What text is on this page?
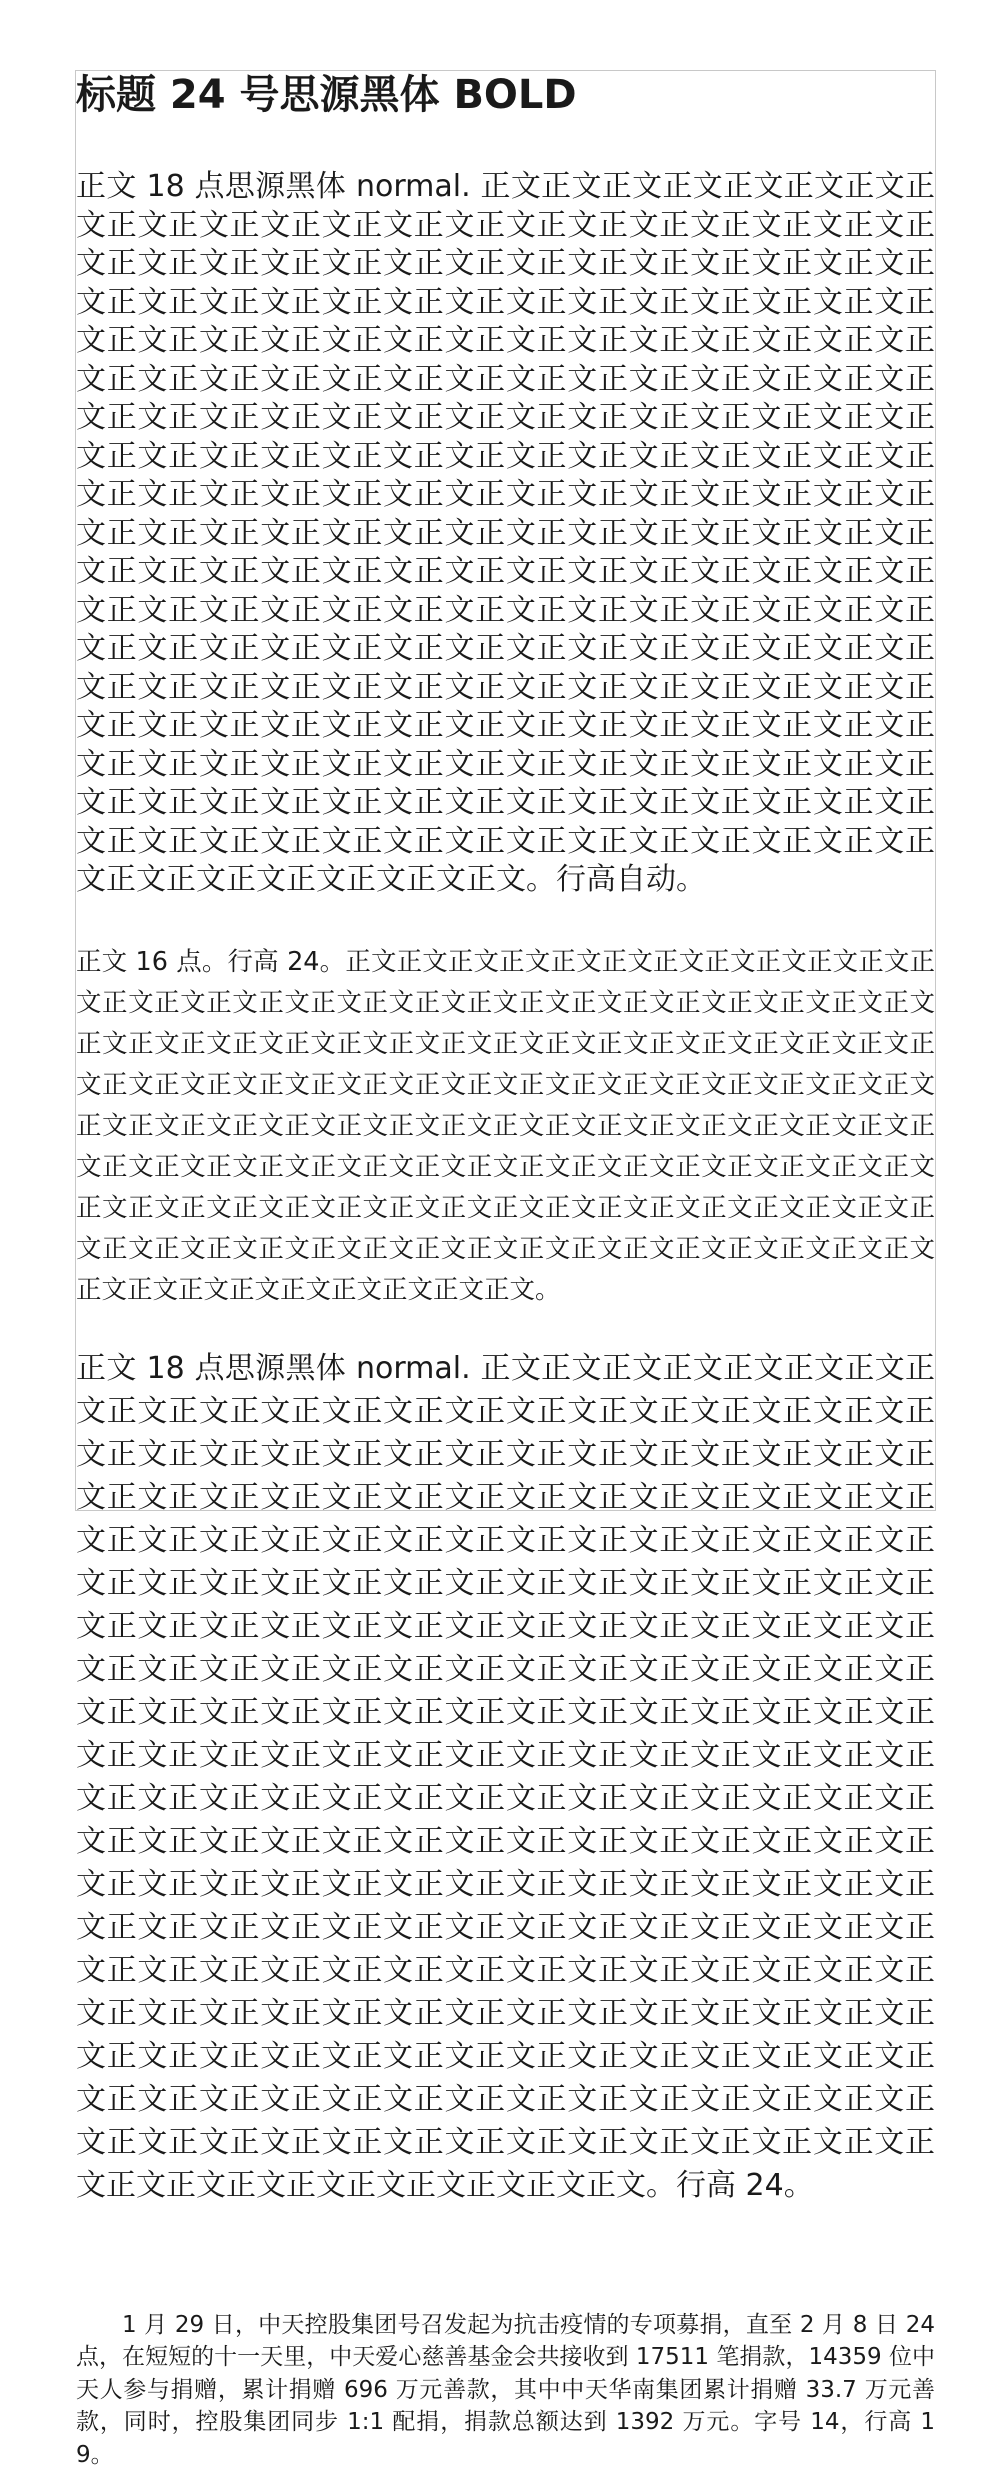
标题 24 号思源黑体 BOLD

正文 18 点思源黑体 normal. 正文正文正文正文正文正文正文正文正文正文正文正文正文正文正文正文正文正文正文正文正文正文正文正文正文正文正文正文正文正文正文正文正文正文正文正文正文正文正文正文正文正文正文正文正文正文正文正文正文正文正文正文正文正文正文正文正文正文正文正文正文正文正文正文正文正文正文正文正文正文正文正文正文正文正文正文正文正文正文正文正文正文正文正文正文正文正文正文正文正文正文正文正文正文正文正文正文正文正文正文正文正文正文正文正文正文正文正文正文正文正文正文正文正文正文正文正文正文正文正文正文正文正文正文正文正文正文正文正文正文正文正文正文正文正文正文正文正文正文正文正文正文正文正文正文正文正文正文正文正文正文正文正文正文正文正文正文正文正文正文正文正文正文正文正文正文正文正文正文正文正文正文正文正文正文正文正文正文正文正文正文正文正文正文正文正文正文正文正文正文正文正文正文正文正文正文正文正文正文正文正文正文正文正文正文正文正文正文正文正文正文正文正文正文正文正文正文正文正文正文正文正文正文正文正文正文正文正文正文正文正文正文正文正文正文正文正文正文正文正文正文正文正文正文正文正文正文正文正文正文正文正文正文。行高自动。

正文 16 点。行高 24。正文正文正文正文正文正文正文正文正文正文正文正文正文正文正文正文正文正文正文正文正文正文正文正文正文正文正文正文正文正文正文正文正文正文正文正文正文正文正文正文正文正文正文正文正文正文正文正文正文正文正文正文正文正文正文正文正文正文正文正文正文正文正文正文正文正文正文正文正文正文正文正文正文正文正文正文正文正文正文正文正文正文正文正文正文正文正文正文正文正文正文正文正文正文正文正文正文正文正文正文正文正文正文正文正文正文正文正文正文正文正文正文正文正文正文正文正文正文正文正文正文正文正文正文正文正文正文正文正文正文正文正文正文正文正文正文。

正文 18 点思源黑体 normal. 正文正文正文正文正文正文正文正文正文正文正文正文正文正文正文正文正文正文正文正文正文正文正文正文正文正文正文正文正文正文正文正文正文正文正文正文正文正文正文正文正文正文正文正文正文正文正文正文正文正文正文正文正文正文正文正文正文正文正文正文正文正文正文正文正文正文正文正文正文正文正文正文正文正文正文正文正文正文正文正文正文正文正文正文正文正文正文正文正文正文正文正文正文正文正文正文正文正文正文正文正文正文正文正文正文正文正文正文正文正文正文正文正文正文正文正文正文正文正文正文正文正文正文正文正文正文正文正文正文正文正文正文正文正文正文正文正文正文正文正文正文正文正文正文正文正文正文正文正文正文正文正文正文正文正文正文正文正文正文正文正文正文正文正文正文正文正文正文正文正文正文正文正文正文正文正文正文正文正文正文正文正文正文正文正文正文正文正文正文正文正文正文正文正文正文正文正文正文正文正文正文正文正文正文正文正文正文正文正文正文正文正文正文正文正文正文正文正文正文正文正文正文正文正文正文正文正文正文正文正文正文正文正文正文正文正文正文正文正文正文正文正文正文正文正文正文正文正文正文正文正文正文正文正文正文正文正文正文正文正文正文正文正文正文正文正文正文正文正文。行高 24。

1 月 29 日，中天控股集团号召发起为抗击疫情的专项募捐，直至 2 月 8 日 24 点，在短短的十一天里，中天爱心慈善基金会共接收到 17511 笔捐款，14359 位中天人参与捐赠，累计捐赠 696 万元善款，其中中天华南集团累计捐赠 33.7 万元善款，同时，控股集团同步 1:1 配捐，捐款总额达到 1392 万元。字号 14，行高 19。
